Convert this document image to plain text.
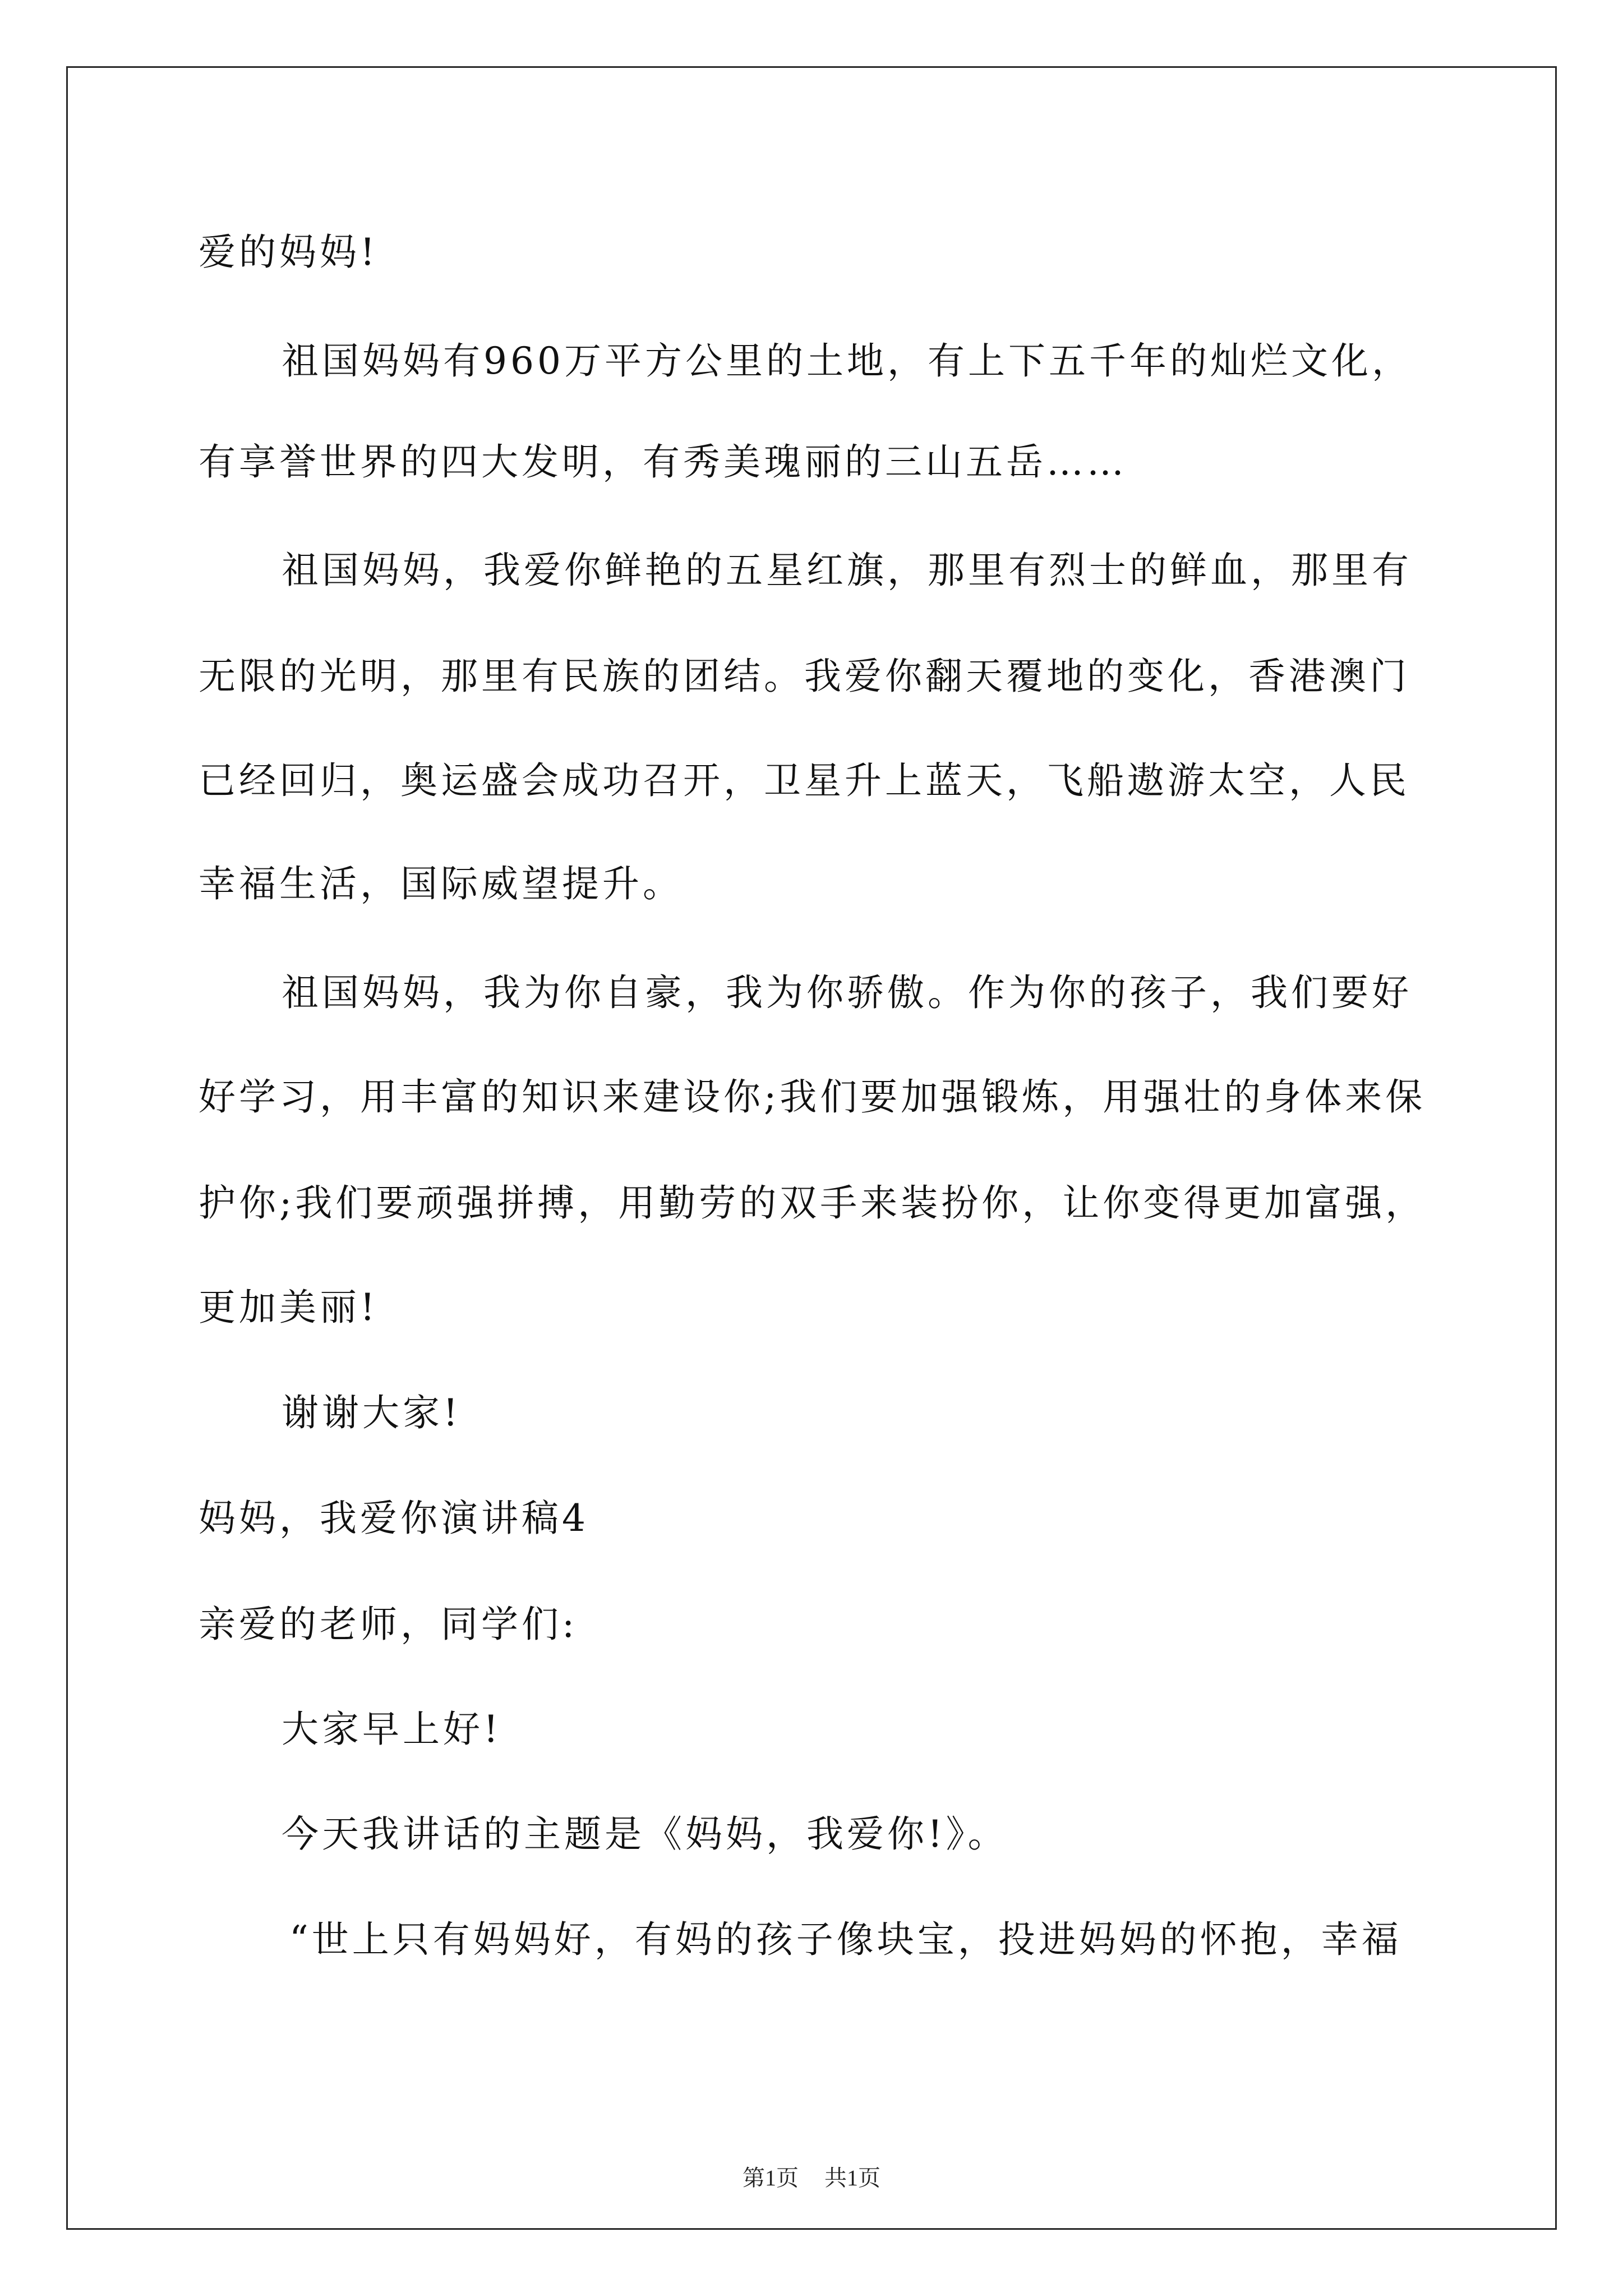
爱的妈妈!
祖国妈妈有960万平方公里的土地，有上下五千年的灿烂文化，
有享誉世界的四大发明，有秀美瑰丽的三山五岳……
祖国妈妈，我爱你鲜艳的五星红旗，那里有烈士的鲜血，那里有
无限的光明，那里有民族的团结。我爱你翻天覆地的变化，香港澳门
已经回归，奥运盛会成功召开，卫星升上蓝天，飞船遨游太空，人民
幸福生活，国际威望提升。
祖国妈妈，我为你自豪，我为你骄傲。作为你的孩子，我们要好
好学习，用丰富的知识来建设你;我们要加强锻炼，用强壮的身体来保
护你;我们要顽强拼搏，用勤劳的双手来装扮你，让你变得更加富强，
更加美丽!
谢谢大家!
妈妈，我爱你演讲稿4
亲爱的老师，同学们:
大家早上好!
今天我讲话的主题是《妈妈，我爱你!》。
“世上只有妈妈好，有妈的孩子像块宝，投进妈妈的怀抱，幸福
第1页 共1页
